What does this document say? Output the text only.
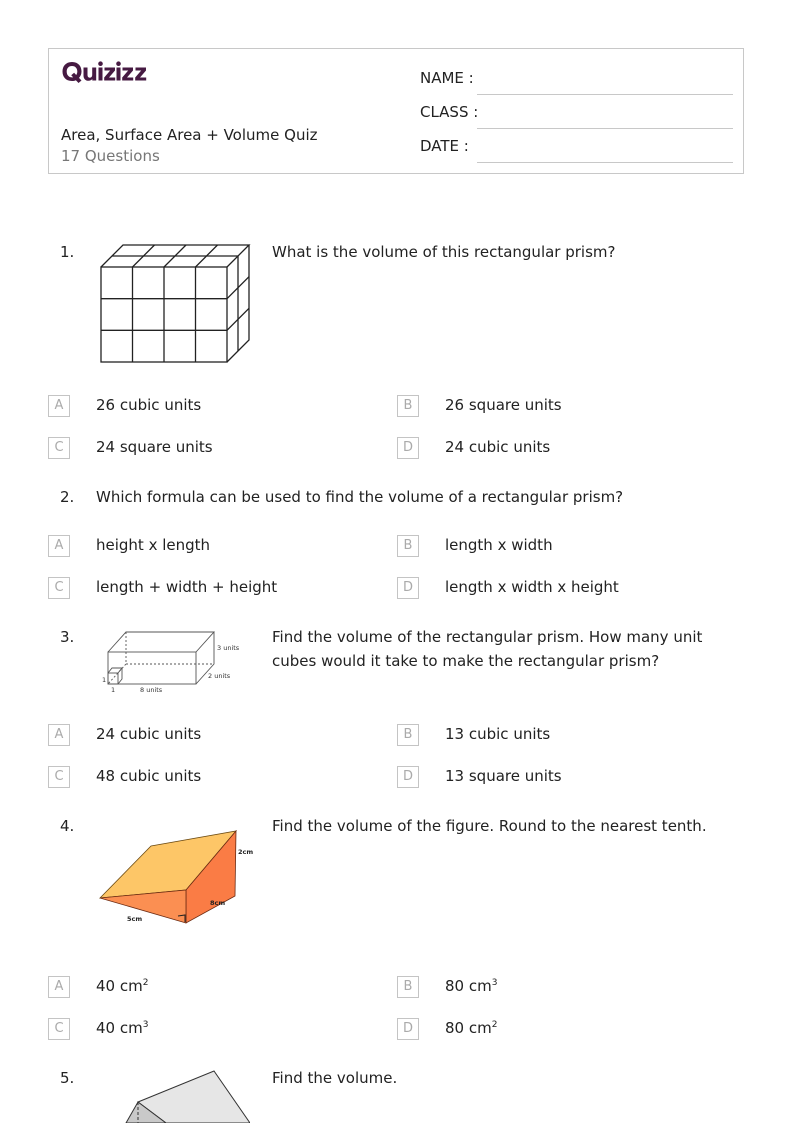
Area, Surface Area + Volume Quiz
17 Questions
NAME :
CLASS :
DATE :
1.	What is the volume of this rectangular prism?
A	26 cubic units	B	26 square units
C	24 square units	D	24 cubic units
2. Which formula can be used to find the volume of a rectangular prism?
A	height x length	B	length x width
C	length + width + height	D	length x width x height
3.
3 units
2 units
8 units
1
1
Find the volume of the rectangular prism. How many unit cubes would it take to make the rectangular prism?
A	24 cubic units	B	13 cubic units
C	48 cubic units	D	13 square units
4.
2cm
8cm
5cm
Find the volume of the figure. Round to the nearest tenth.
A	40 $cm^2$	B	80 $cm^3$
C	40 $cm^3$	D	80 $cm^2$
5.	Find the volume.
